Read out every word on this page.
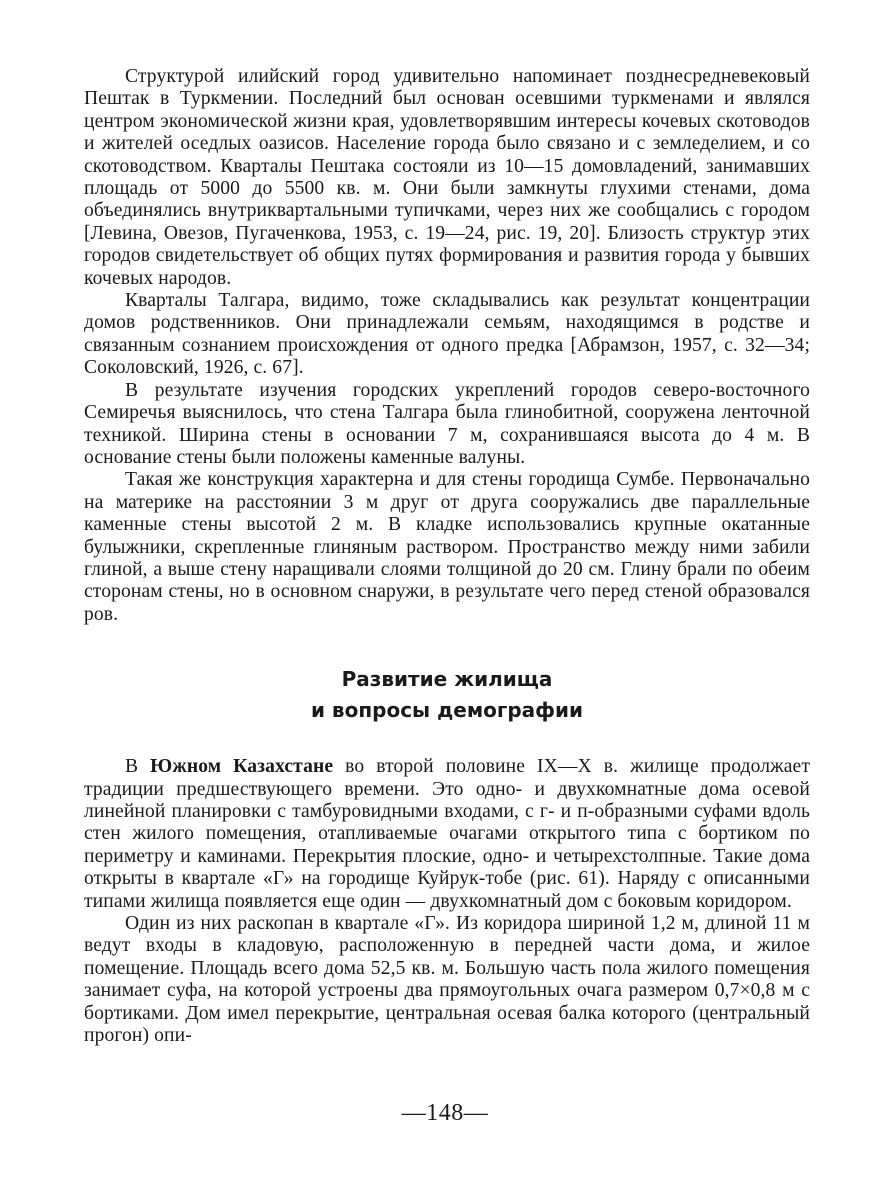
Структурой илийский город удивительно напоминает позднесредневековый Пештак в Туркмении. Последний был основан осевшими туркменами и являлся центром экономической жизни края, удовлетворявшим интересы кочевых скотоводов и жителей оседлых оазисов. Население города было связано и с земледелием, и со скотоводством. Кварталы Пештака состояли из 10—15 домовладений, занимавших площадь от 5000 до 5500 кв. м. Они были замкнуты глухими стенами, дома объединялись внутриквартальными тупичками, через них же сообщались с городом [Левина, Овезов, Пугаченкова, 1953, с. 19—24, рис. 19, 20]. Близость структур этих городов свидетельствует об общих путях формирования и развития города у бывших кочевых народов.

Кварталы Талгара, видимо, тоже складывались как результат концентрации домов родственников. Они принадлежали семьям, находящимся в родстве и связанным сознанием происхождения от одного предка [Абрамзон, 1957, с. 32—34; Соколовский, 1926, с. 67].

В результате изучения городских укреплений городов северо-восточного Семиречья выяснилось, что стена Талгара была глинобитной, сооружена ленточной техникой. Ширина стены в основании 7 м, сохранившаяся высота до 4 м. В основание стены были положены каменные валуны.

Такая же конструкция характерна и для стены городища Сумбе. Первоначально на материке на расстоянии 3 м друг от друга сооружались две параллельные каменные стены высотой 2 м. В кладке использовались крупные окатанные булыжники, скрепленные глиняным раствором. Пространство между ними забили глиной, а выше стену наращивали слоями толщиной до 20 см. Глину брали по обеим сторонам стены, но в основном снаружи, в результате чего перед стеной образовался ров.

Развитие жилища
и вопросы демографии

В Южном Казахстане во второй половине IX—X в. жилище продолжает традиции предшествующего времени. Это одно- и двухкомнатные дома осевой линейной планировки с тамбуровидными входами, с г- и п-образными суфами вдоль стен жилого помещения, отапливаемые очагами открытого типа с бортиком по периметру и каминами. Перекрытия плоские, одно- и четырехстолпные. Такие дома открыты в квартале «Г» на городище Куйрук-тобе (рис. 61). Наряду с описанными типами жилища появляется еще один — двухкомнатный дом с боковым коридором.

Один из них раскопан в квартале «Г». Из коридора шириной 1,2 м, длиной 11 м ведут входы в кладовую, расположенную в передней части дома, и жилое помещение. Площадь всего дома 52,5 кв. м. Большую часть пола жилого помещения занимает суфа, на которой устроены два прямоугольных очага размером 0,7×0,8 м с бортиками. Дом имел перекрытие, центральная осевая балка которого (центральный прогон) опи-

—148—
